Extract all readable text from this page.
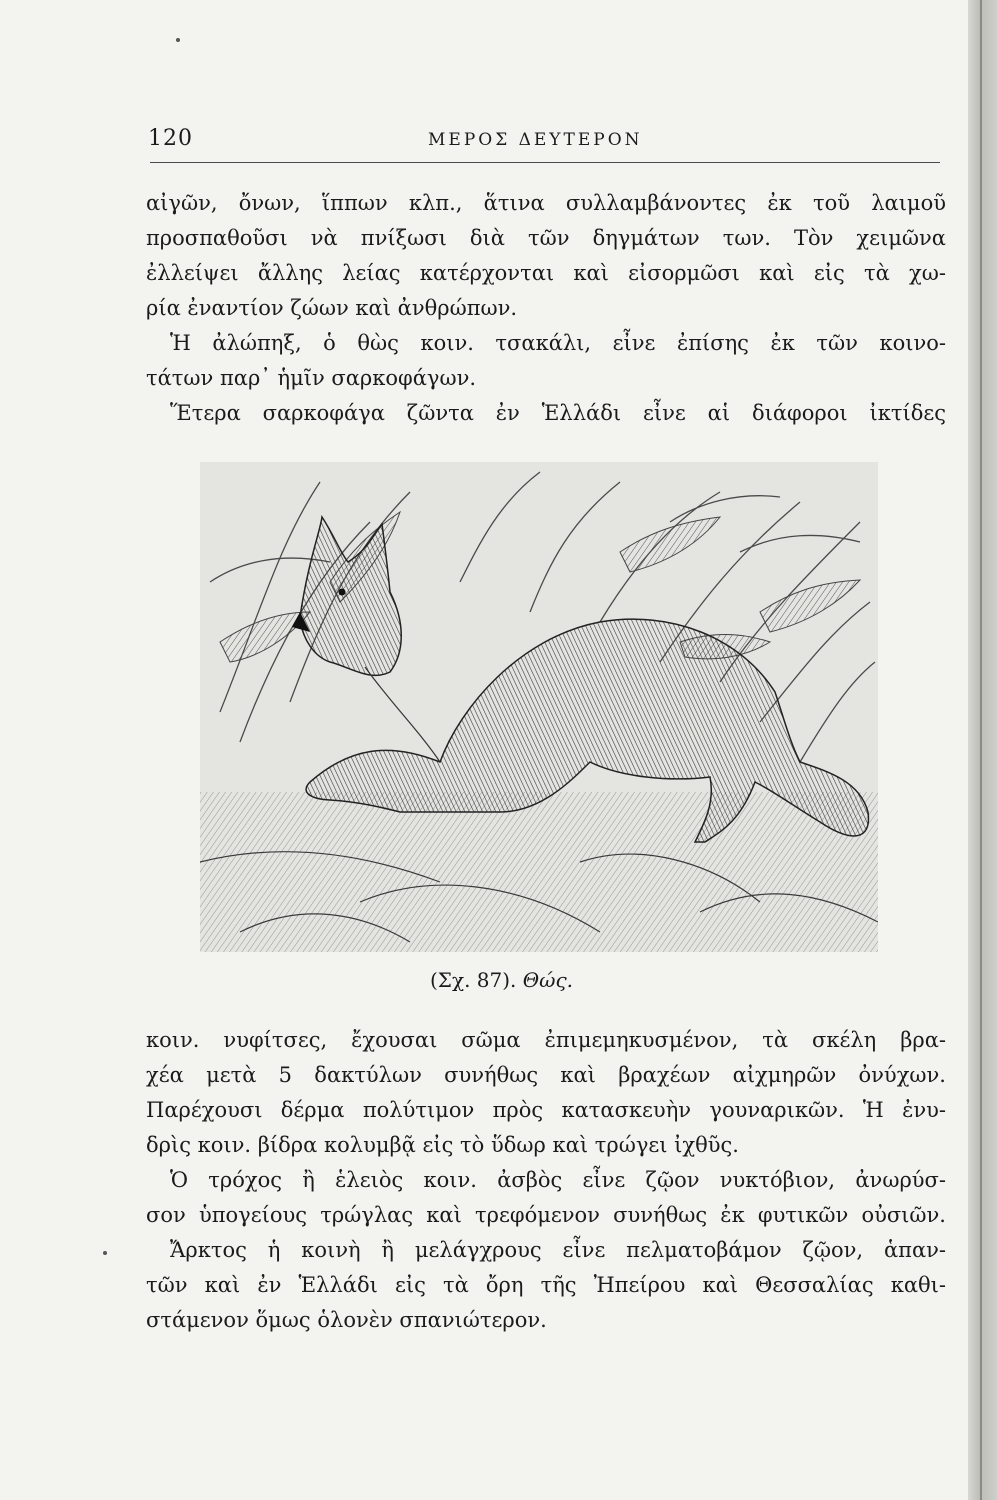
120	ΜΕΡΟΣ ΔΕΥΤΕΡΟΝ

αἰγῶν, ὄνων, ἵππων κλπ., ἅτινα συλλαμβάνοντες ἐκ τοῦ λαιμοῦ

προσπαθοῦσι νὰ πνίξωσι διὰ τῶν δηγμάτων των. Τὸν χειμῶνα

ἐλλείψει ἄλλης λείας κατέρχονται καὶ εἰσορμῶσι καὶ εἰς τὰ χω-

ρία ἐναντίον ζώων καὶ ἀνθρώπων.

Ἡ ἀλώπηξ, ὁ θὼς κοιν. τσακάλι, εἶνε ἐπίσης ἐκ τῶν κοινο-

τάτων παρ᾽ ἡμῖν σαρκοφάγων.

Ἕτερα σαρκοφάγα ζῶντα ἐν Ἑλλάδι εἶνε αἱ διάφοροι ἰκτίδες

(Σχ. 87). Θώς.

κοιν. νυφίτσες, ἔχουσαι σῶμα ἐπιμεμηκυσμένον, τὰ σκέλη βρα-

χέα μετὰ 5 δακτύλων συνήθως καὶ βραχέων αἰχμηρῶν ὀνύχων.

Παρέχουσι δέρμα πολύτιμον πρὸς κατασκευὴν γουναρικῶν. Ἡ ἐνυ-

δρὶς κοιν. βίδρα κολυμβᾷ εἰς τὸ ὕδωρ καὶ τρώγει ἰχθῦς.

Ὁ τρόχος ἢ ἑλειὸς κοιν. ἀσβὸς εἶνε ζῷον νυκτόβιον, ἀνωρύσ-

σον ὑπογείους τρώγλας καὶ τρεφόμενον συνήθως ἐκ φυτικῶν οὐσιῶν.

Ἄρκτος ἡ κοινὴ ἢ μελάγχρους εἶνε πελματοβάμον ζῷον, ἁπαν-

τῶν καὶ ἐν Ἑλλάδι εἰς τὰ ὄρη τῆς Ἠπείρου καὶ Θεσσαλίας καθι-

στάμενον ὅμως ὁλονὲν σπανιώτερον.
